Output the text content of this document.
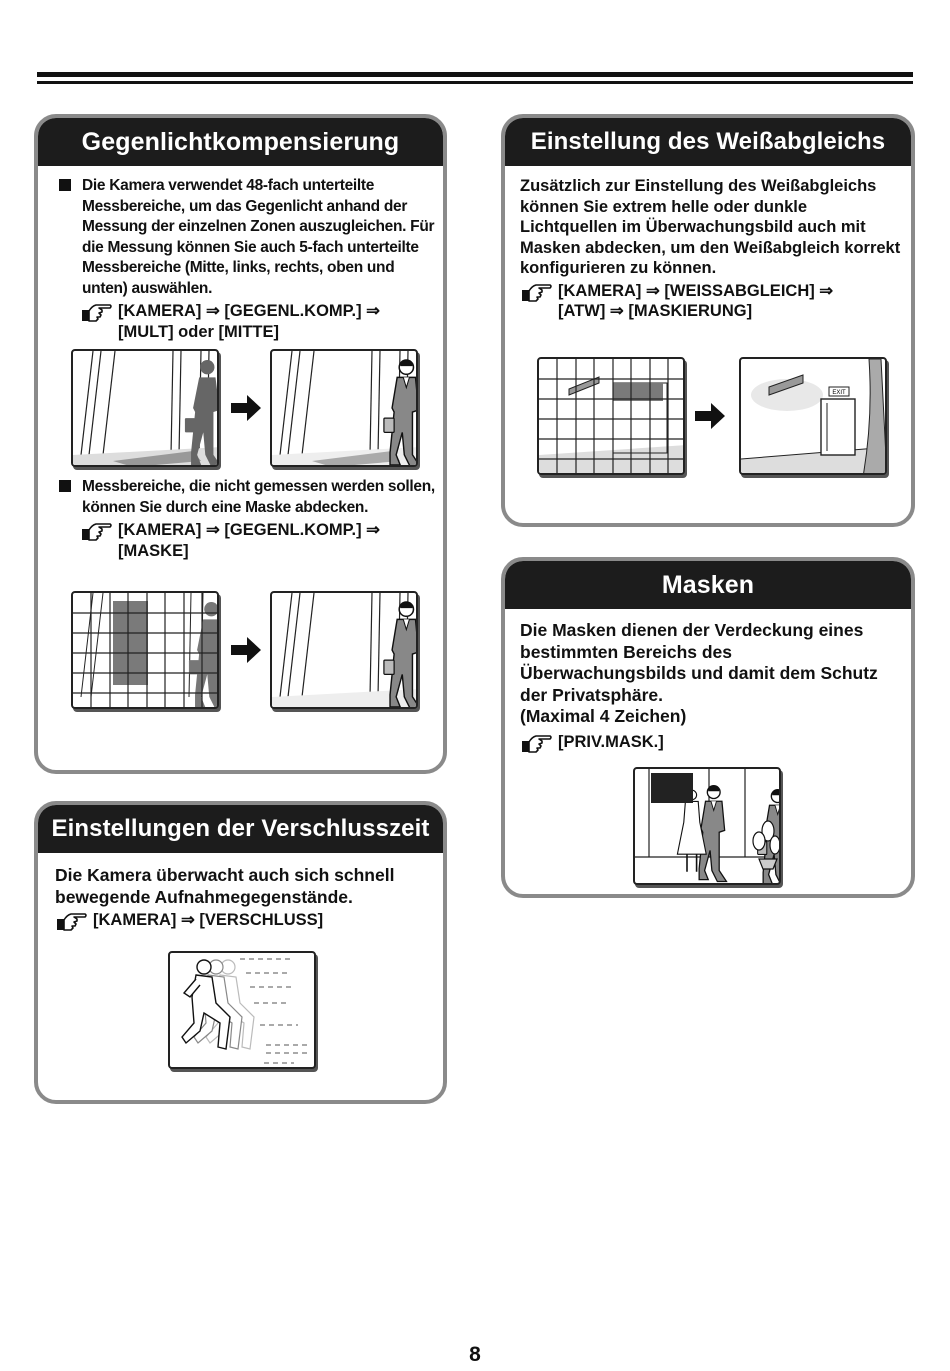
Gegenlichtkompensierung
Die Kamera verwendet 48-fach unterteilte Messbereiche, um das Gegenlicht anhand der Messung der einzelnen Zonen auszugleichen. Für die Messung können Sie auch 5-fach unterteilte Messbereiche (Mitte, links, rechts, oben und unten) auswählen.
[KAMERA] ⇒ [GEGENL.KOMP.] ⇒
[MULT] oder [MITTE]
Messbereiche, die nicht gemessen werden sollen, können Sie durch eine Maske abdecken.
[KAMERA] ⇒ [GEGENL.KOMP.] ⇒
[MASKE]
Einstellung des Weißabgleichs
Zusätzlich zur Einstellung des Weißabgleichs können Sie extrem helle oder dunkle Lichtquellen im Überwachungsbild auch mit Masken abdecken, um den Weißabgleich korrekt konfigurieren zu können.
[KAMERA] ⇒ [WEISSABGLEICH] ⇒
[ATW] ⇒ [MASKIERUNG]
EXIT
Masken
Die Masken dienen der Verdeckung eines bestimmten Bereichs des Überwachungsbilds und damit dem Schutz der Privatsphäre.
(Maximal 4 Zeichen)
[PRIV.MASK.]
Einstellungen der Verschlusszeit
Die Kamera überwacht auch sich schnell bewegende Aufnahmegegenstände.
[KAMERA] ⇒ [VERSCHLUSS]
8
